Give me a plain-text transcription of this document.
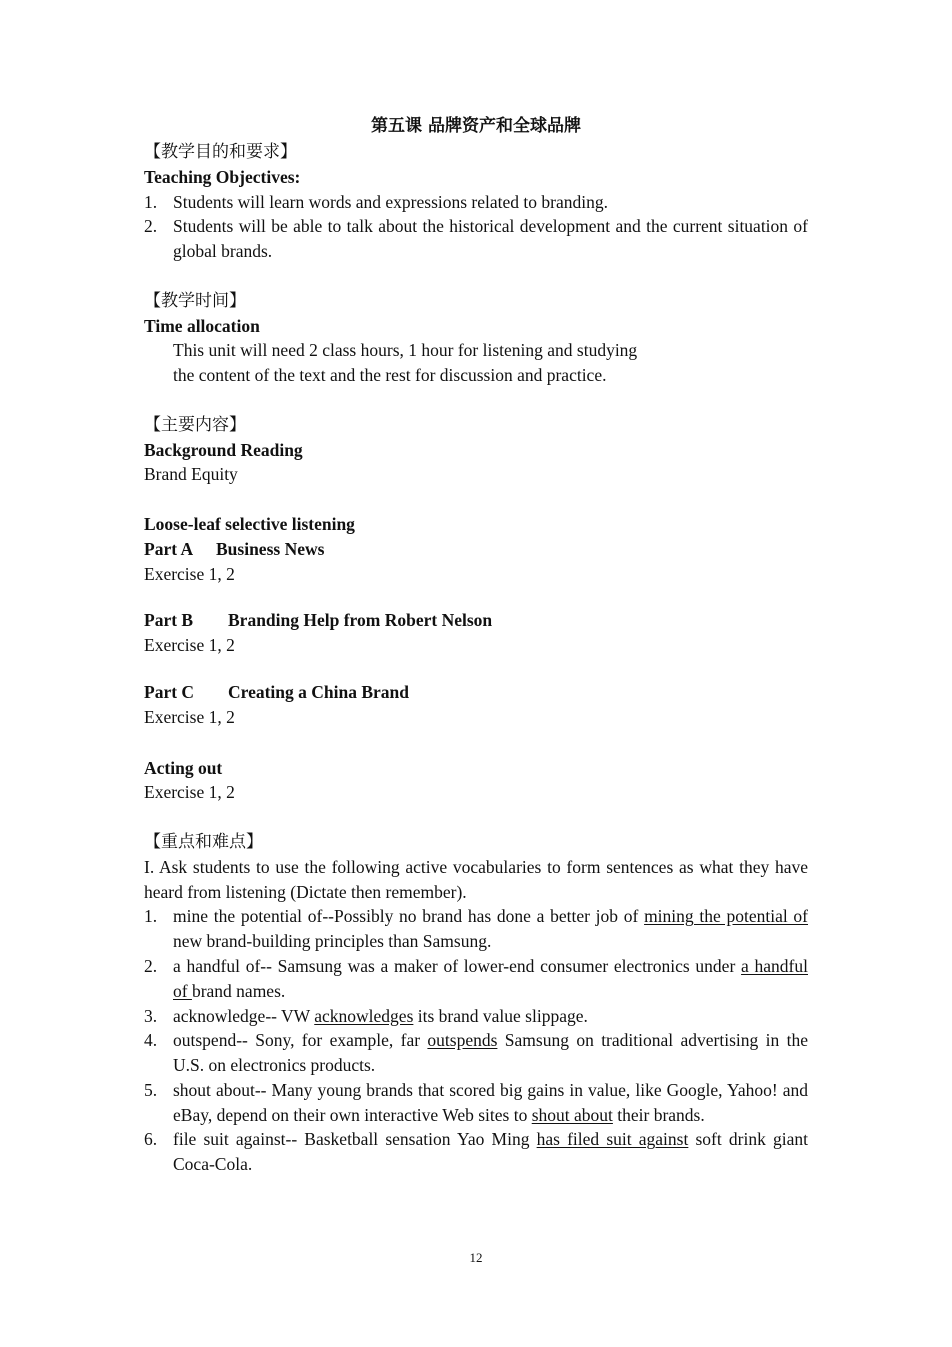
第五课 品牌资产和全球品牌
【教学目的和要求】
Teaching Objectives:
1. Students will learn words and expressions related to branding.
2. Students will be able to talk about the historical development and the current situation of global brands.
【教学时间】
Time allocation
This unit will need 2 class hours, 1 hour for listening and studying
the content of the text and the rest for discussion and practice.
【主要内容】
Background Reading
Brand Equity
Loose-leaf selective listening
Part A	Business News
Exercise 1, 2
Part B	Branding Help from Robert Nelson
Exercise 1, 2
Part C	Creating a China Brand
Exercise 1, 2
Acting out
Exercise 1, 2
【重点和难点】
I. Ask students to use the following active vocabularies to form sentences as what they have heard from listening (Dictate then remember).
1. mine the potential of--Possibly no brand has done a better job of mining the potential of new brand-building principles than Samsung.
2. a handful of-- Samsung was a maker of lower-end consumer electronics under a handful of brand names.
3. acknowledge-- VW acknowledges its brand value slippage.
4. outspend-- Sony, for example, far outspends Samsung on traditional advertising in the U.S. on electronics products.
5. shout about-- Many young brands that scored big gains in value, like Google, Yahoo! and eBay, depend on their own interactive Web sites to shout about their brands.
6. file suit against-- Basketball sensation Yao Ming has filed suit against soft drink giant Coca-Cola.
12
